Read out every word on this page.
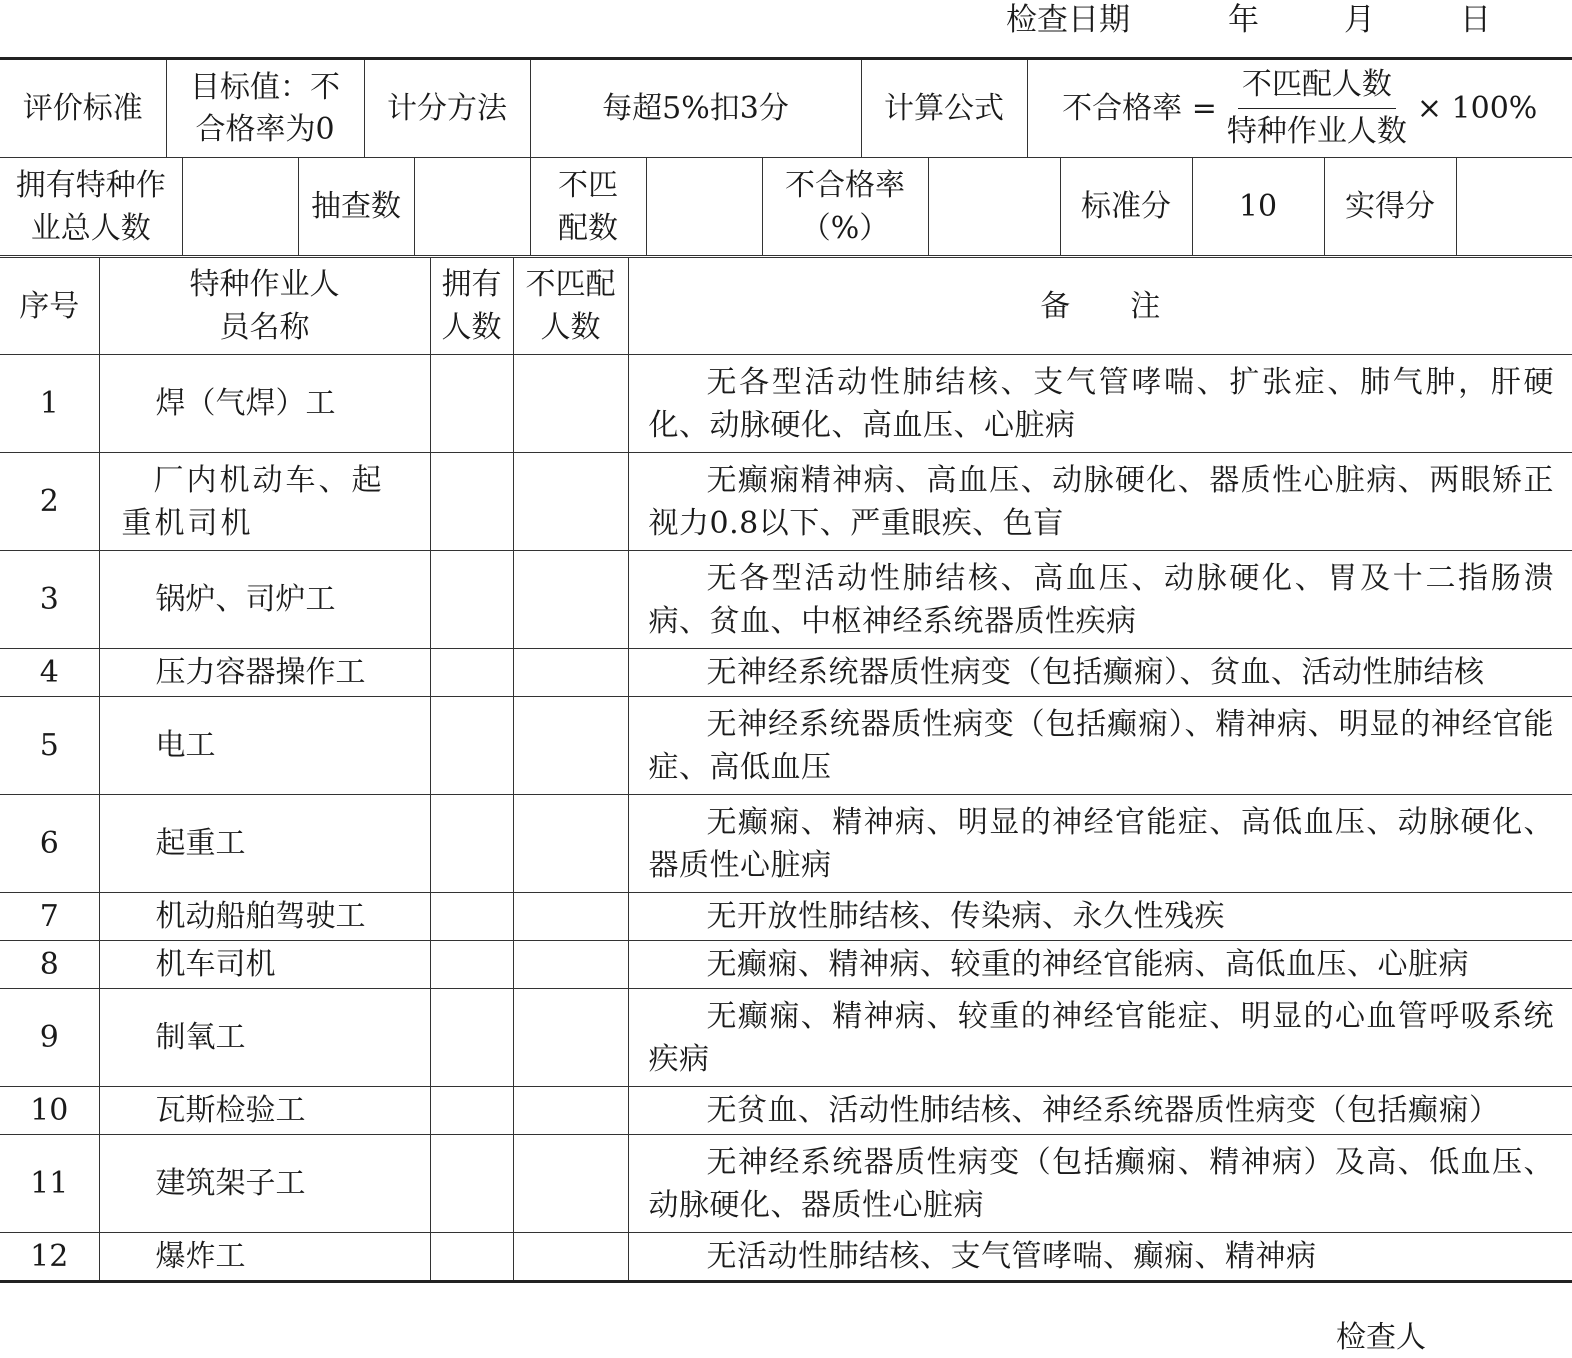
检查日期	年	月	日
评价标准	目标值：不合格率为0	计分方法	每超5%扣3分	计算公式	不合格率 = $\frac{\text{不匹配人数}}{\text{特种作业人数}} \times 100\%$
拥有特种作业总人数		抽查数		不匹配数		不合格率（%）		标准分	10	实得分	
序号	特种作业人员名称	拥有人数	不匹配人数	备　　注
1	焊（气焊）工			无各型活动性肺结核、支气管哮喘、扩张症、肺气肿，肝硬化、动脉硬化、高血压、心脏病
2	厂内机动车、起重机司机			无癫痫精神病、高血压、动脉硬化、器质性心脏病、两眼矫正视力0.8以下、严重眼疾、色盲
3	锅炉、司炉工			无各型活动性肺结核、高血压、动脉硬化、胃及十二指肠溃病、贫血、中枢神经系统器质性疾病
4	压力容器操作工			无神经系统器质性病变（包括癫痫）、贫血、活动性肺结核
5	电工			无神经系统器质性病变（包括癫痫）、精神病、明显的神经官能症、高低血压
6	起重工			无癫痫、精神病、明显的神经官能症、高低血压、动脉硬化、器质性心脏病
7	机动船舶驾驶工			无开放性肺结核、传染病、永久性残疾
8	机车司机			无癫痫、精神病、较重的神经官能病、高低血压、心脏病
9	制氧工			无癫痫、精神病、较重的神经官能症、明显的心血管呼吸系统疾病
10	瓦斯检验工			无贫血、活动性肺结核、神经系统器质性病变（包括癫痫）
11	建筑架子工			无神经系统器质性病变（包括癫痫、精神病）及高、低血压、动脉硬化、器质性心脏病
12	爆炸工			无活动性肺结核、支气管哮喘、癫痫、精神病
检查人
